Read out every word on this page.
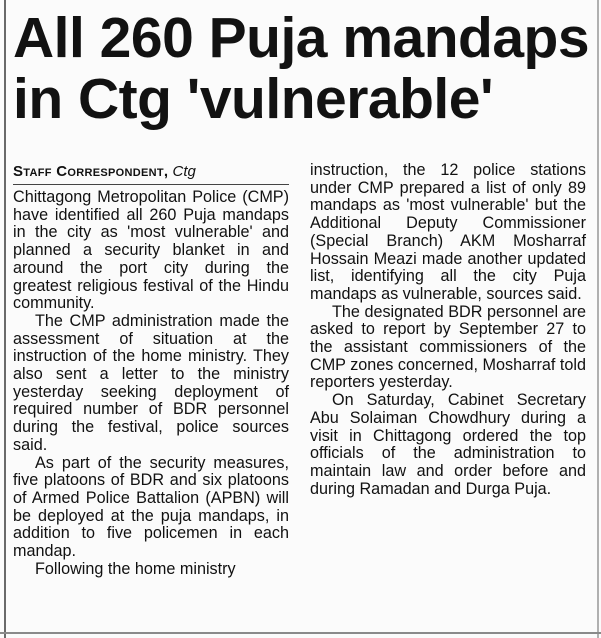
All 260 Puja mandaps in Ctg 'vulnerable'
Staff Correspondent, Ctg

Chittagong Metropolitan Police (CMP) have identified all 260 Puja mandaps in the city as 'most vulnerable' and planned a security blanket in and around the port city during the greatest religious festival of the Hindu community.

The CMP administration made the assessment of situation at the instruction of the home ministry. They also sent a letter to the ministry yesterday seeking deployment of required number of BDR personnel during the festival, police sources said.

As part of the security measures, five platoons of BDR and six platoons of Armed Police Battalion (APBN) will be deployed at the puja mandaps, in addition to five policemen in each mandap.

Following the home ministry

instruction, the 12 police stations under CMP prepared a list of only 89 mandaps as 'most vulnerable' but the Additional Deputy Commissioner (Special Branch) AKM Mosharraf Hossain Meazi made another updated list, identifying all the city Puja mandaps as vulnerable, sources said.

The designated BDR personnel are asked to report by September 27 to the assistant commissioners of the CMP zones concerned, Mosharraf told reporters yesterday.

On Saturday, Cabinet Secretary Abu Solaiman Chowdhury during a visit in Chittagong ordered the top officials of the administration to maintain law and order before and during Ramadan and Durga Puja.
